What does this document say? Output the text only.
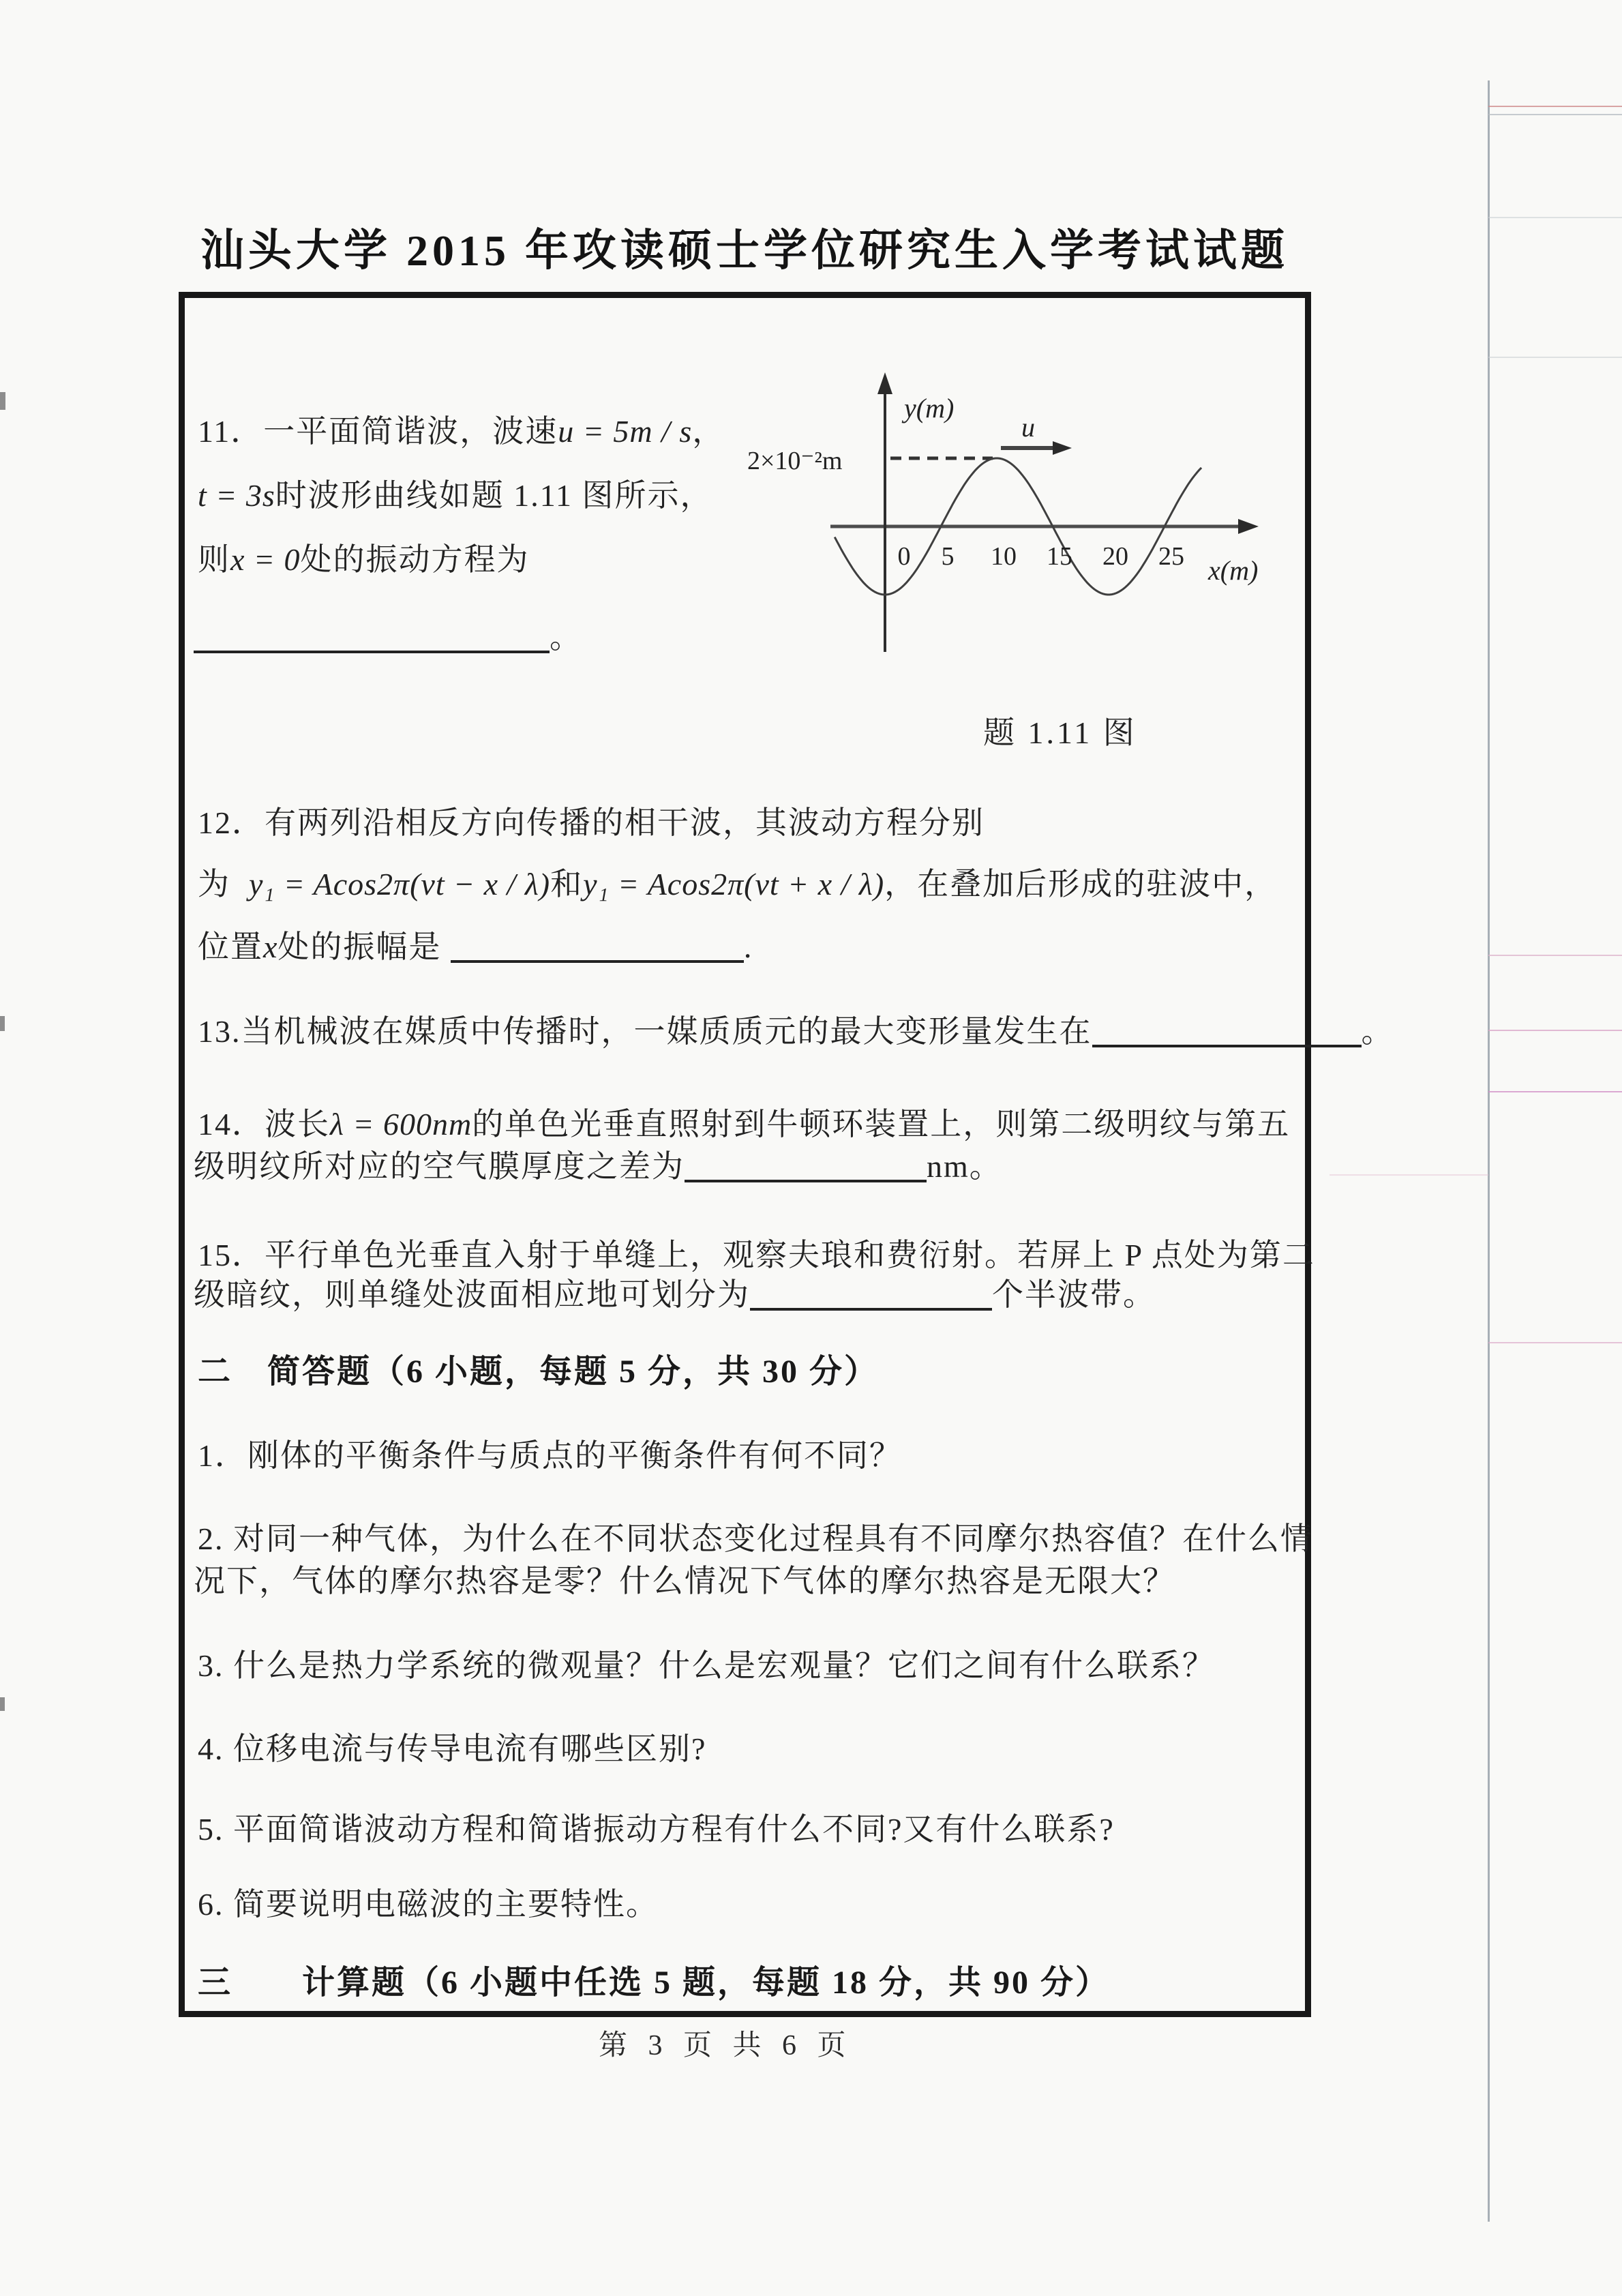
汕头大学 2015 年攻读硕士学位研究生入学考试试题
11．一平面简谐波，波速u = 5m / s，
t = 3s时波形曲线如题 1.11 图所示，
则x = 0处的振动方程为
。
y(m)
x(m)
u
2×10⁻²m
0 5 10 15 20 25
题 1.11 图
12．有两列沿相反方向传播的相干波，其波动方程分别
为 y₁ = Acos2π(vt − x / λ)和y₁ = Acos2π(vt + x / λ)，在叠加后形成的驻波中，
位置x处的振幅是	.
13.当机械波在媒质中传播时，一媒质质元的最大变形量发生在	。
14．波长λ = 600nm的单色光垂直照射到牛顿环装置上，则第二级明纹与第五
级明纹所对应的空气膜厚度之差为	nm。
15．平行单色光垂直入射于单缝上，观察夫琅和费衍射。若屏上 P 点处为第二
级暗纹，则单缝处波面相应地可划分为	个半波带。
二　简答题（6 小题，每题 5 分，共 30 分）
1．刚体的平衡条件与质点的平衡条件有何不同？
2. 对同一种气体，为什么在不同状态变化过程具有不同摩尔热容值？在什么情
况下，气体的摩尔热容是零？什么情况下气体的摩尔热容是无限大？
3. 什么是热力学系统的微观量？什么是宏观量？它们之间有什么联系？
4. 位移电流与传导电流有哪些区别?
5. 平面简谐波动方程和简谐振动方程有什么不同?又有什么联系?
6. 简要说明电磁波的主要特性。
三　　计算题（6 小题中任选 5 题，每题 18 分，共 90 分）
第 3 页 共 6 页
